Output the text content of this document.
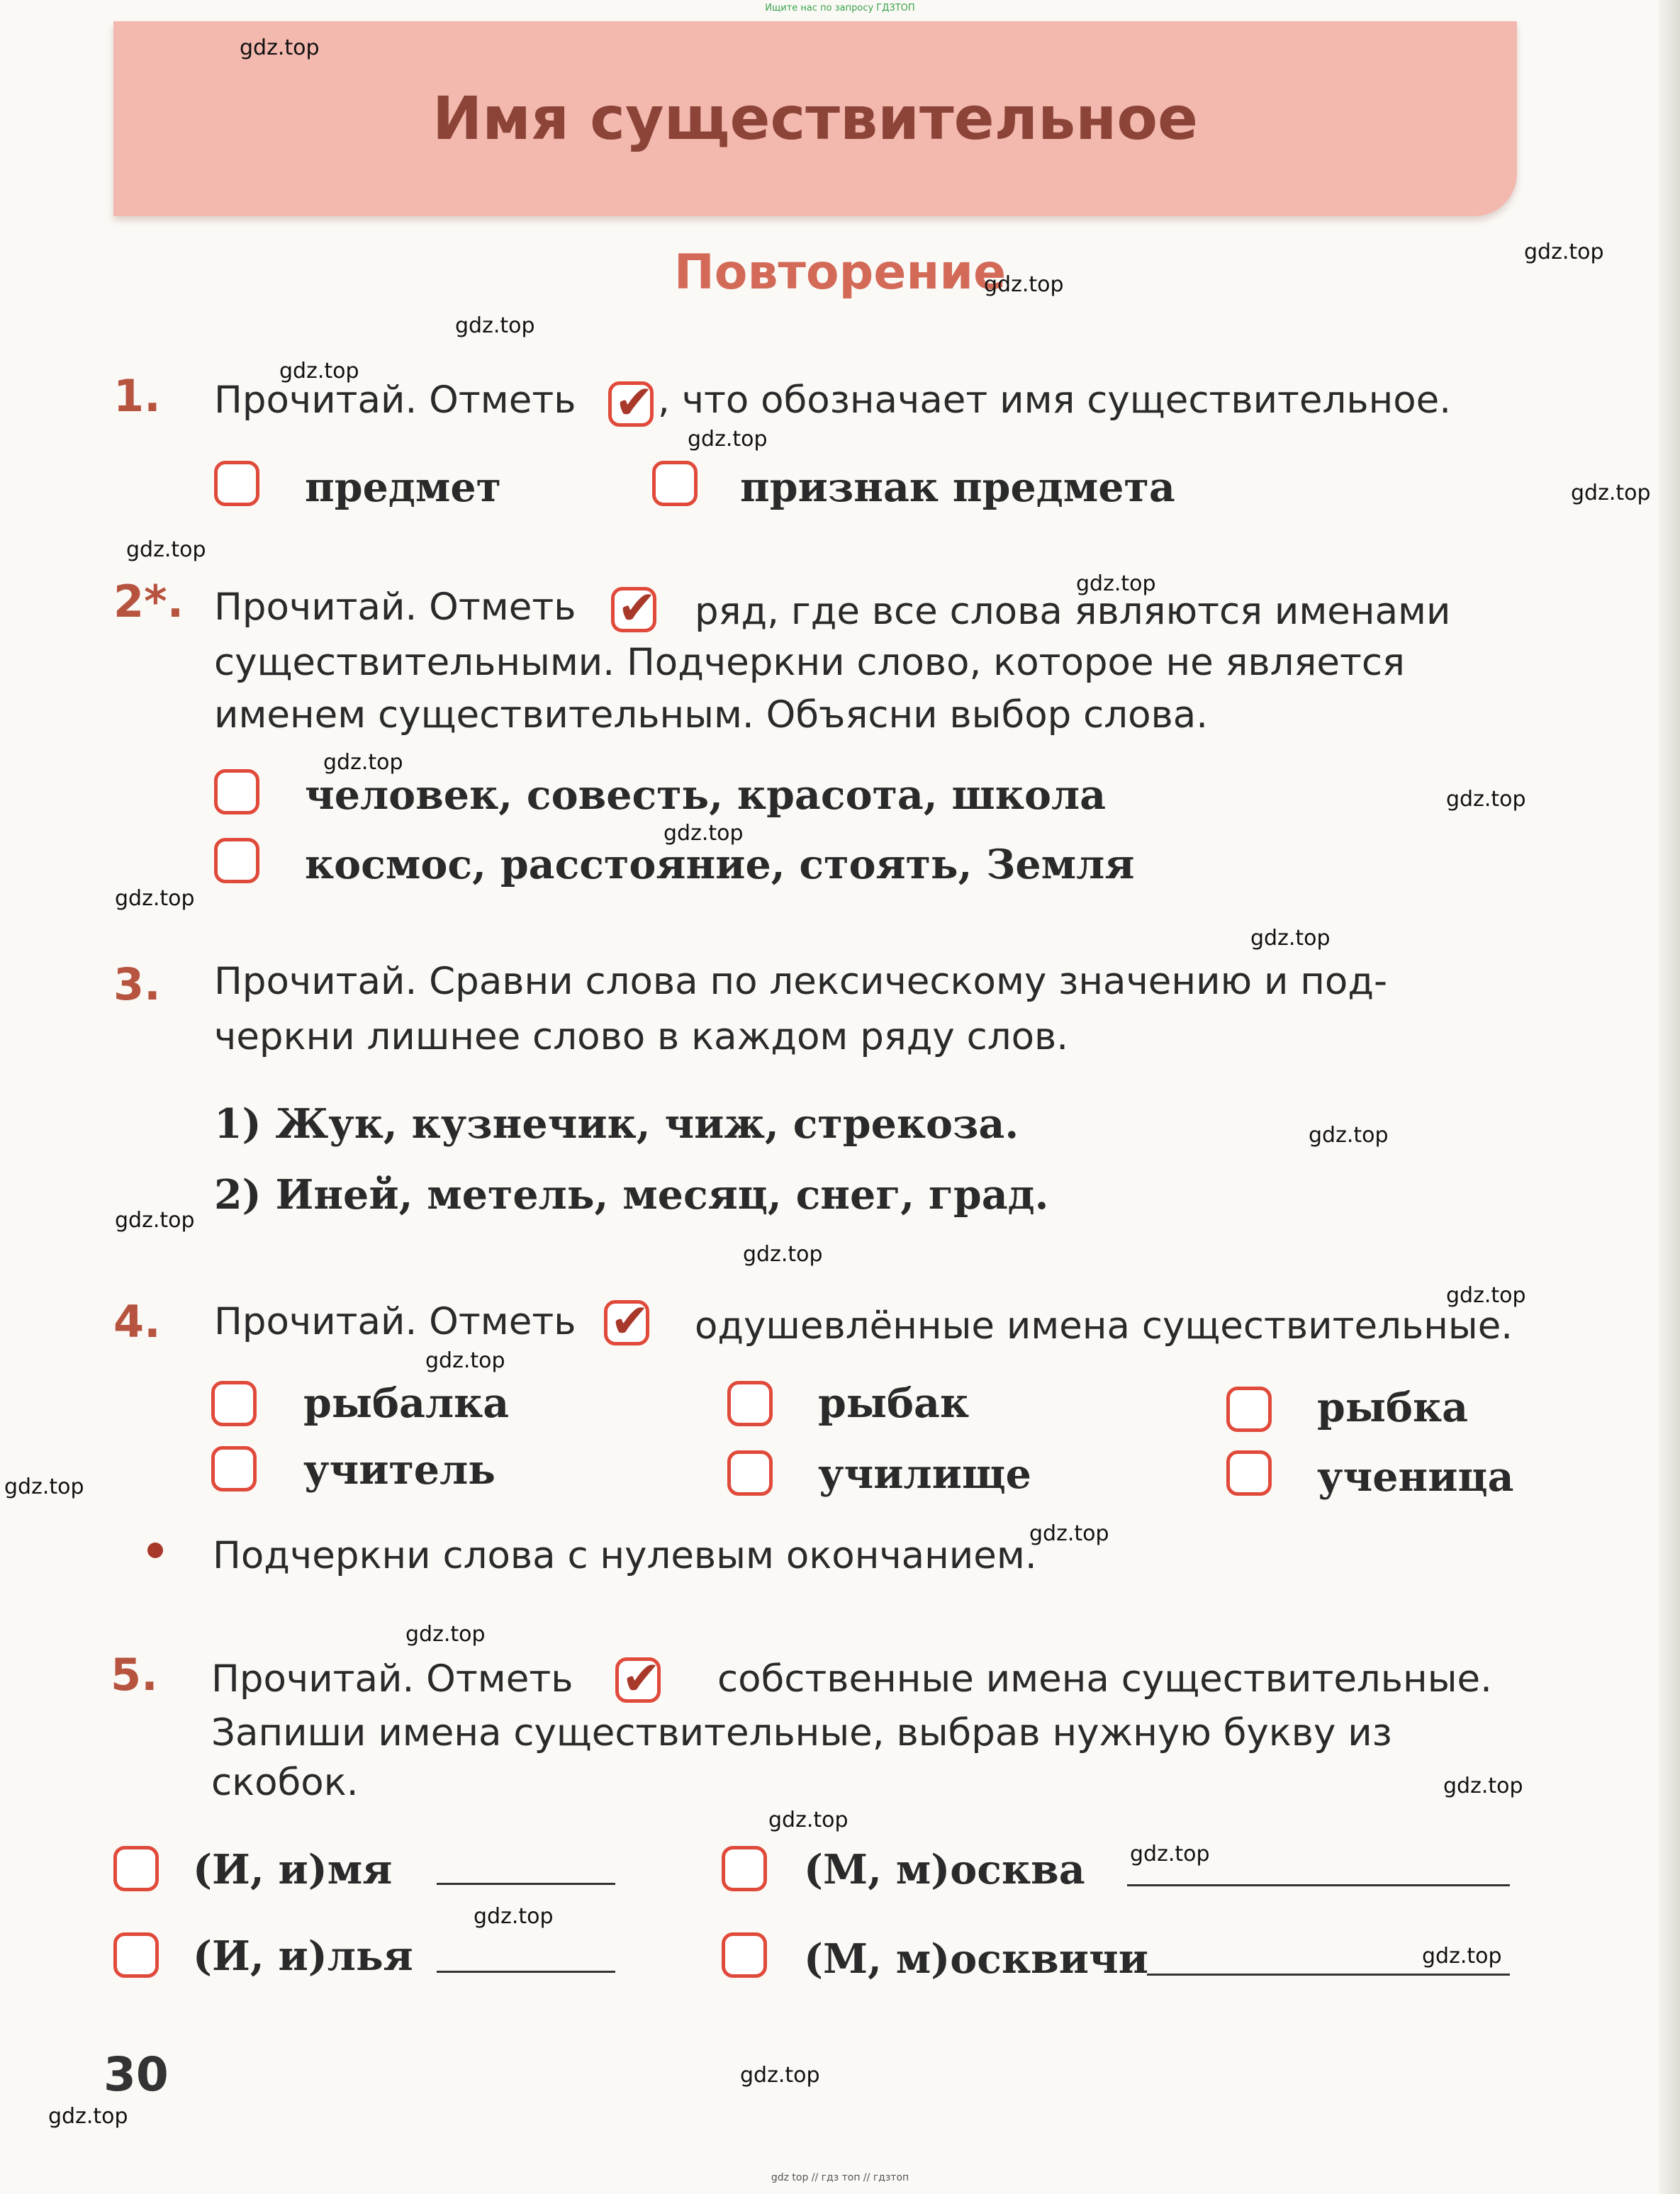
Ищите нас по запросу ГДЗТОП
Имя существительное
Повторение
1. Прочитай. Отметь ✔ , что обозначает имя существительное.
предмет	признак предмета
2*. Прочитай. Отметь ✔	ряд, где все слова являются именами
существительными. Подчеркни слово, которое не является
именем существительным. Объясни выбор слова.
человек, совесть, красота, школа
космос, расстояние, стоять, Земля
3. Прочитай. Сравни слова по лексическому значению и под-
черкни лишнее слово в каждом ряду слов.
1) Жук, кузнечик, чиж, стрекоза.
2) Иней, метель, месяц, снег, град.
4. Прочитай. Отметь ✔	одушевлённые имена существительные.
рыбалка	рыбак	рыбка
учитель	училище	ученица
Подчеркни слова с нулевым окончанием.
5. Прочитай. Отметь ✔	собственные имена существительные.
Запиши имена существительные, выбрав нужную букву из
скобок.
(И, и)мя	(М, м)осква
(И, и)лья	(М, м)осквичи
30
gdz top // гдз топ // гдзтоп
gdz.top
gdz.top
gdz.top
gdz.top
gdz.top
gdz.top
gdz.top
gdz.top
gdz.top
gdz.top
gdz.top
gdz.top
gdz.top
gdz.top
gdz.top
gdz.top
gdz.top
gdz.top
gdz.top
gdz.top
gdz.top
gdz.top
gdz.top
gdz.top
gdz.top
gdz.top
gdz.top
gdz.top
gdz.top
